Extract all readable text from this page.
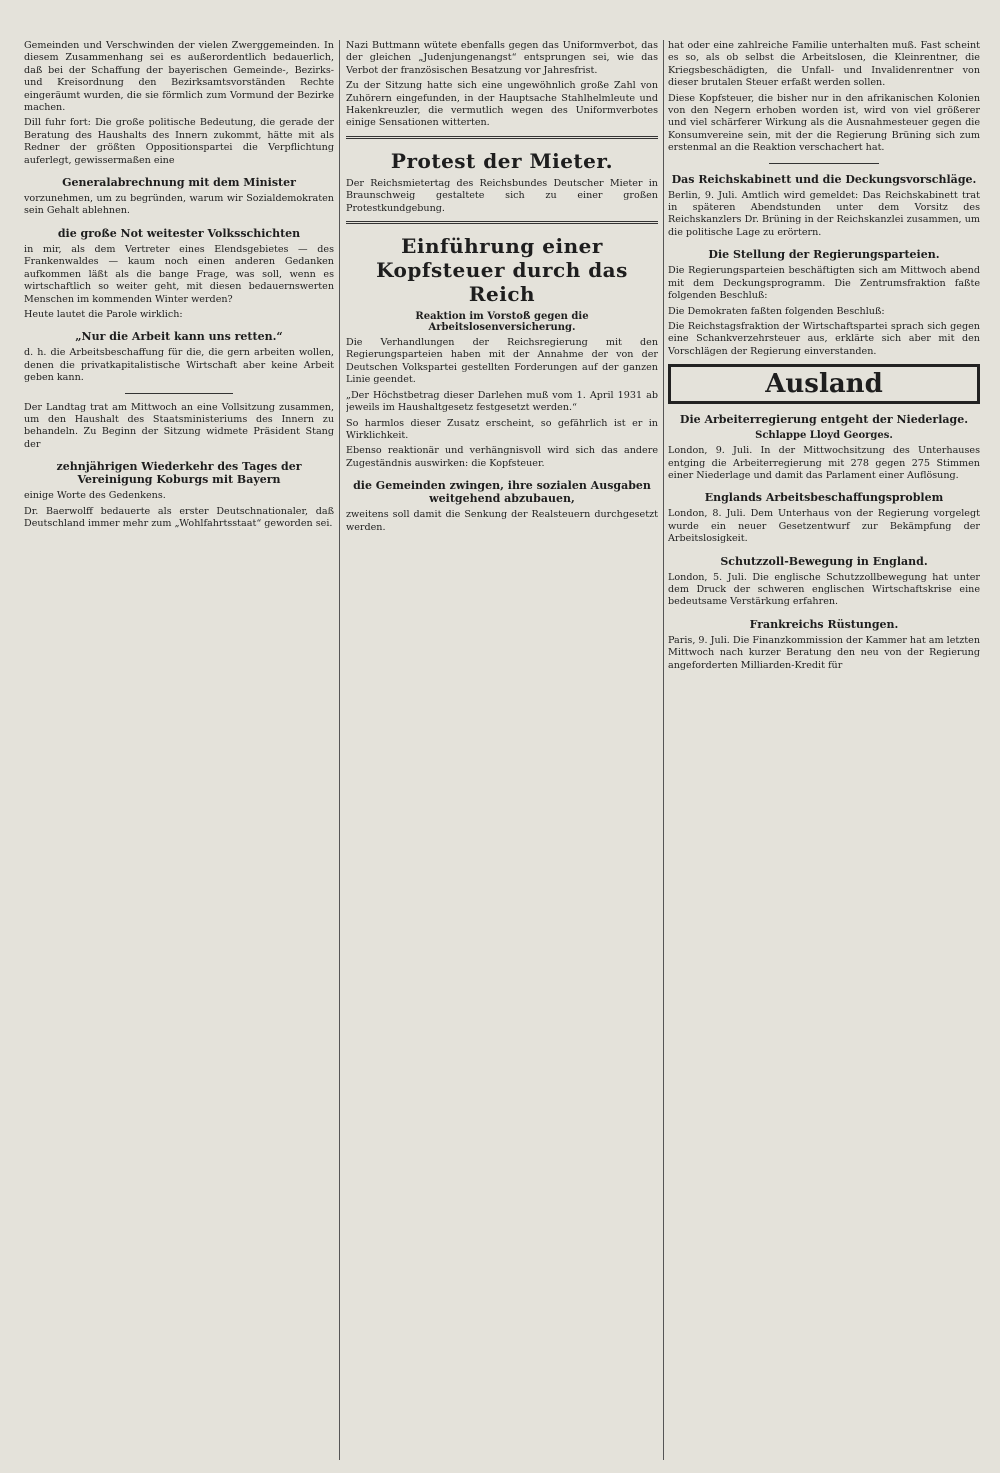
Gemeinden und Verschwinden der vielen Zwerggemeinden. In diesem Zusammenhang sei es außerordentlich bedauerlich, daß bei der Schaffung der bayerischen Gemeinde-, Bezirks- und Kreisordnung den Bezirksamtsvorständen Rechte eingeräumt wurden, die sie förmlich zum Vormund der Bezirke machen.

Dill fuhr fort: Die große politische Bedeutung, die gerade der Beratung des Haushalts des Innern zukommt, hätte mit als Redner der größten Oppositionspartei die Verpflichtung auferlegt, gewissermaßen eine

Generalabrechnung mit dem Minister

vorzunehmen, um zu begründen, warum wir Sozialdemokraten sein Gehalt ablehnen.

die große Not weitester Volksschichten

in mir, als dem Vertreter eines Elendsgebietes — des Frankenwaldes — kaum noch einen anderen Gedanken aufkommen läßt als die bange Frage, was soll, wenn es wirtschaftlich so weiter geht, mit diesen bedauernswerten Menschen im kommenden Winter werden?

Heute lautet die Parole wirklich:

„Nur die Arbeit kann uns retten.“

d. h. die Arbeitsbeschaffung für die, die gern arbeiten wollen, denen die privatkapitalistische Wirtschaft aber keine Arbeit geben kann.

Der Landtag trat am Mittwoch an eine Vollsitzung zusammen, um den Haushalt des Staatsministeriums des Innern zu behandeln. Zu Beginn der Sitzung widmete Präsident Stang der

zehnjährigen Wiederkehr des Tages der Vereinigung Koburgs mit Bayern

einige Worte des Gedenkens.

Dr. Baerwolff bedauerte als erster Deutschnationaler, daß Deutschland immer mehr zum „Wohlfahrtsstaat“ geworden sei.

Nazi Buttmann wütete ebenfalls gegen das Uniformverbot, das der gleichen „Judenjungenangst“ entsprungen sei, wie das Verbot der französischen Besatzung vor Jahresfrist.

Zu der Sitzung hatte sich eine ungewöhnlich große Zahl von Zuhörern eingefunden, in der Hauptsache Stahlhelmleute und Hakenkreuzler, die vermutlich wegen des Uniformverbotes einige Sensationen witterten.

Protest der Mieter.

Der Reichsmietertag des Reichsbundes Deutscher Mieter in Braunschweig gestaltete sich zu einer großen Protestkundgebung.

Einführung einer Kopfsteuer durch das Reich
Reaktion im Vorstoß gegen die Arbeitslosenversicherung.

Die Verhandlungen der Reichsregierung mit den Regierungsparteien haben mit der Annahme der von der Deutschen Volkspartei gestellten Forderungen auf der ganzen Linie geendet.

„Der Höchstbetrag dieser Darlehen muß vom 1. April 1931 ab jeweils im Haushaltgesetz festgesetzt werden.“

So harmlos dieser Zusatz erscheint, so gefährlich ist er in Wirklichkeit.

Ebenso reaktionär und verhängnisvoll wird sich das andere Zugeständnis auswirken: die Kopfsteuer.

die Gemeinden zwingen, ihre sozialen Ausgaben weitgehend abzubauen,

zweitens soll damit die Senkung der Realsteuern durchgesetzt werden.

hat oder eine zahlreiche Familie unterhalten muß. Fast scheint es so, als ob selbst die Arbeitslosen, die Kleinrentner, die Kriegsbeschädigten, die Unfall- und Invalidenrentner von dieser brutalen Steuer erfaßt werden sollen.

Diese Kopfsteuer, die bisher nur in den afrikanischen Kolonien von den Negern erhoben worden ist, wird von viel größerer und viel schärferer Wirkung als die Ausnahmesteuer gegen die Konsumvereine sein, mit der die Regierung Brüning sich zum erstenmal an die Reaktion verschachert hat.

Das Reichskabinett und die Deckungsvorschläge.

Berlin, 9. Juli. Amtlich wird gemeldet: Das Reichskabinett trat in späteren Abendstunden unter dem Vorsitz des Reichskanzlers Dr. Brüning in der Reichskanzlei zusammen, um die politische Lage zu erörtern.

Die Stellung der Regierungsparteien.

Die Regierungsparteien beschäftigten sich am Mittwoch abend mit dem Deckungsprogramm. Die Zentrumsfraktion faßte folgenden Beschluß:

Die Demokraten faßten folgenden Beschluß:

Die Reichstagsfraktion der Wirtschaftspartei sprach sich gegen eine Schankverzehrsteuer aus, erklärte sich aber mit den Vorschlägen der Regierung einverstanden.

Ausland
Die Arbeiterregierung entgeht der Niederlage.
Schlappe Lloyd Georges.

London, 9. Juli. In der Mittwochsitzung des Unterhauses entging die Arbeiterregierung mit 278 gegen 275 Stimmen einer Niederlage und damit das Parlament einer Auflösung.

Englands Arbeitsbeschaffungsproblem

London, 8. Juli. Dem Unterhaus von der Regierung vorgelegt wurde ein neuer Gesetzentwurf zur Bekämpfung der Arbeitslosigkeit.

Schutzzoll-Bewegung in England.

London, 5. Juli. Die englische Schutzzollbewegung hat unter dem Druck der schweren englischen Wirtschaftskrise eine bedeutsame Verstärkung erfahren.

Frankreichs Rüstungen.

Paris, 9. Juli. Die Finanzkommission der Kammer hat am letzten Mittwoch nach kurzer Beratung den neu von der Regierung angeforderten Milliarden-Kredit für
